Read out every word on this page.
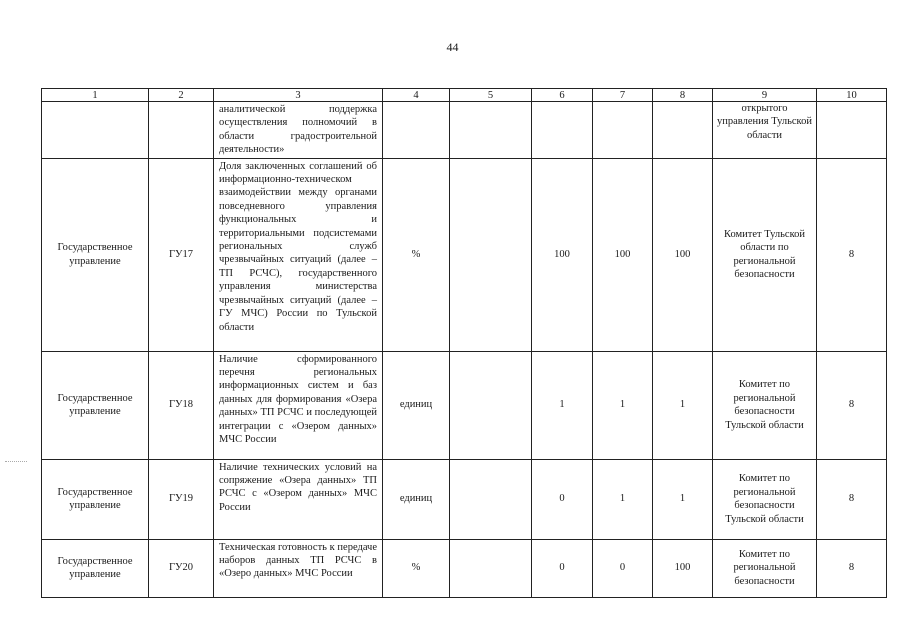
44
1	2	3	4	5	6	7	8	9	10
		аналитической поддержка осуществления полномочий в области градостроительной деятельности»						открытого управления Тульской области	
Государственное управление	ГУ17	Доля заключенных соглашений об информационно-техническом взаимодействии между органами повседневного управления функциональных и территориальными подсистемами региональных служб чрезвычайных ситуаций (далее – ТП РСЧС), государственного управления министерства чрезвычайных ситуаций (далее – ГУ МЧС) России по Тульской области	%		100	100	100	Комитет Тульской области по региональной безопасности	8
Государственное управление	ГУ18	Наличие сформированного перечня региональных информационных систем и баз данных для формирования «Озера данных» ТП РСЧС и последующей интеграции с «Озером данных» МЧС России	единиц		1	1	1	Комитет по региональной безопасности Тульской области	8
Государственное управление	ГУ19	Наличие технических условий на сопряжение «Озера данных» ТП РСЧС с «Озером данных» МЧС России	единиц		0	1	1	Комитет по региональной безопасности Тульской области	8
Государственное управление	ГУ20	Техническая готовность к передаче наборов данных ТП РСЧС в «Озеро данных» МЧС России	%		0	0	100	Комитет по региональной безопасности	8
